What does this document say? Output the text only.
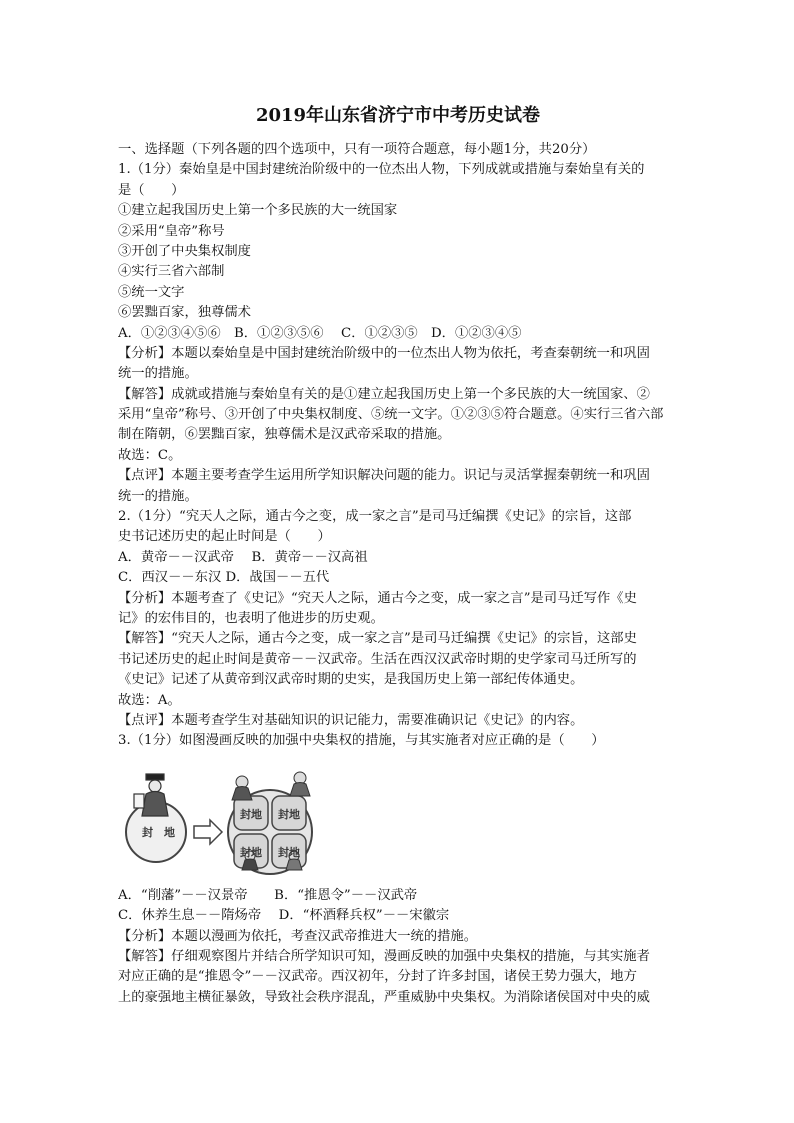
2019年山东省济宁市中考历史试卷
一、选择题（下列各题的四个选项中，只有一项符合题意，每小题1分，共20分）
1.（1分）秦始皇是中国封建统治阶级中的一位杰出人物，下列成就或措施与秦始皇有关的
是（　　）
①建立起我国历史上第一个多民族的大一统国家
②采用“皇帝”称号
③开创了中央集权制度
④实行三省六部制
⑤统一文字
⑥罢黜百家，独尊儒术
A．①②③④⑤⑥　B．①②③⑤⑥　 C．①②③⑤　D．①②③④⑤
【分析】本题以秦始皇是中国封建统治阶级中的一位杰出人物为依托，考查秦朝统一和巩固
统一的措施。
【解答】成就或措施与秦始皇有关的是①建立起我国历史上第一个多民族的大一统国家、②
采用“皇帝”称号、③开创了中央集权制度、⑤统一文字。①②③⑤符合题意。④实行三省六部
制在隋朝，⑥罢黜百家，独尊儒术是汉武帝采取的措施。
故选：C。
【点评】本题主要考查学生运用所学知识解决问题的能力。识记与灵活掌握秦朝统一和巩固
统一的措施。
2.（1分）“究天人之际，通古今之变，成一家之言”是司马迁编撰《史记》的宗旨，这部
史书记述历史的起止时间是（　　）
A．黄帝－－汉武帝　 B．黄帝－－汉高祖
C．西汉－－东汉 D．战国－－五代
【分析】本题考查了《史记》“究天人之际，通古今之变，成一家之言”是司马迁写作《史
记》的宏伟目的，也表明了他进步的历史观。
【解答】“究天人之际，通古今之变，成一家之言”是司马迁编撰《史记》的宗旨，这部史
书记述历史的起止时间是黄帝－－汉武帝。生活在西汉汉武帝时期的史学家司马迁所写的
《史记》记述了从黄帝到汉武帝时期的史实，是我国历史上第一部纪传体通史。
故选：A。
【点评】本题考查学生对基础知识的识记能力，需要准确识记《史记》的内容。
3.（1分）如图漫画反映的加强中央集权的措施，与其实施者对应正确的是（　　）
封　地
封地 封地
封地 封地
A．“削藩”－－汉景帝　　B．“推恩令”－－汉武帝
C．休养生息－－隋炀帝　 D．“杯酒释兵权”－－宋徽宗
【分析】本题以漫画为依托，考查汉武帝推进大一统的措施。
【解答】仔细观察图片并结合所学知识可知，漫画反映的加强中央集权的措施，与其实施者
对应正确的是“推恩令”－－汉武帝。西汉初年，分封了许多封国，诸侯王势力强大，地方
上的豪强地主横征暴敛，导致社会秩序混乱，严重威胁中央集权。为消除诸侯国对中央的威
